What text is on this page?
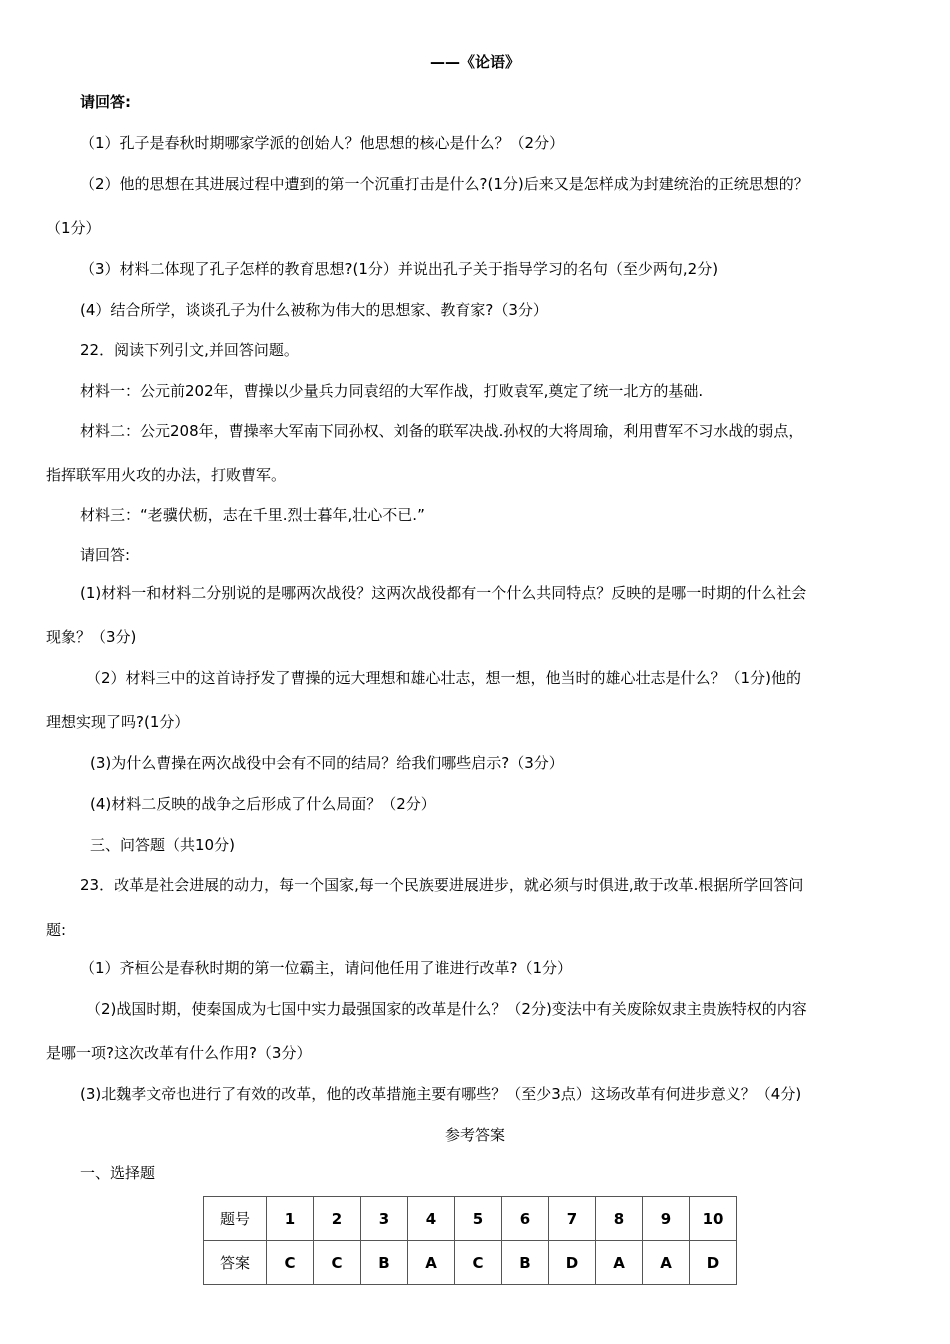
——《论语》
请回答:
（1）孔子是春秋时期哪家学派的创始人？他思想的核心是什么？（2分）
（2）他的思想在其进展过程中遭到的第一个沉重打击是什么?(1分)后来又是怎样成为封建统治的正统思想的？
（1分）
（3）材料二体现了孔子怎样的教育思想?(1分）并说出孔子关于指导学习的名句（至少两句,2分)
(4）结合所学，谈谈孔子为什么被称为伟大的思想家、教育家?（3分）
22．阅读下列引文,并回答问题。
材料一：公元前202年，曹操以少量兵力同袁绍的大军作战，打败袁军,奠定了统一北方的基础.
材料二：公元208年，曹操率大军南下同孙权、刘备的联军决战.孙权的大将周瑜，利用曹军不习水战的弱点，
指挥联军用火攻的办法，打败曹军。
材料三：“老骥伏枥，志在千里.烈士暮年,壮心不已.”
请回答:
(1)材料一和材料二分别说的是哪两次战役？这两次战役都有一个什么共同特点？反映的是哪一时期的什么社会
现象？（3分)
（2）材料三中的这首诗抒发了曹操的远大理想和雄心壮志，想一想，他当时的雄心壮志是什么？（1分)他的
理想实现了吗?(1分）
(3)为什么曹操在两次战役中会有不同的结局？给我们哪些启示?（3分）
(4)材料二反映的战争之后形成了什么局面？（2分）
三、问答题（共10分)
23．改革是社会进展的动力，每一个国家,每一个民族要进展进步，就必须与时俱进,敢于改革.根据所学回答问
题:
（1）齐桓公是春秋时期的第一位霸主，请问他任用了谁进行改革?（1分）
（2)战国时期，使秦国成为七国中实力最强国家的改革是什么？（2分)变法中有关废除奴隶主贵族特权的内容
是哪一项?这次改革有什么作用?（3分）
(3)北魏孝文帝也进行了有效的改革，他的改革措施主要有哪些？（至少3点）这场改革有何进步意义？（4分)
参考答案
一、选择题
题号	1	2	3	4	5	6	7	8	9	10
答案	C	C	B	A	C	B	D	A	A	D
